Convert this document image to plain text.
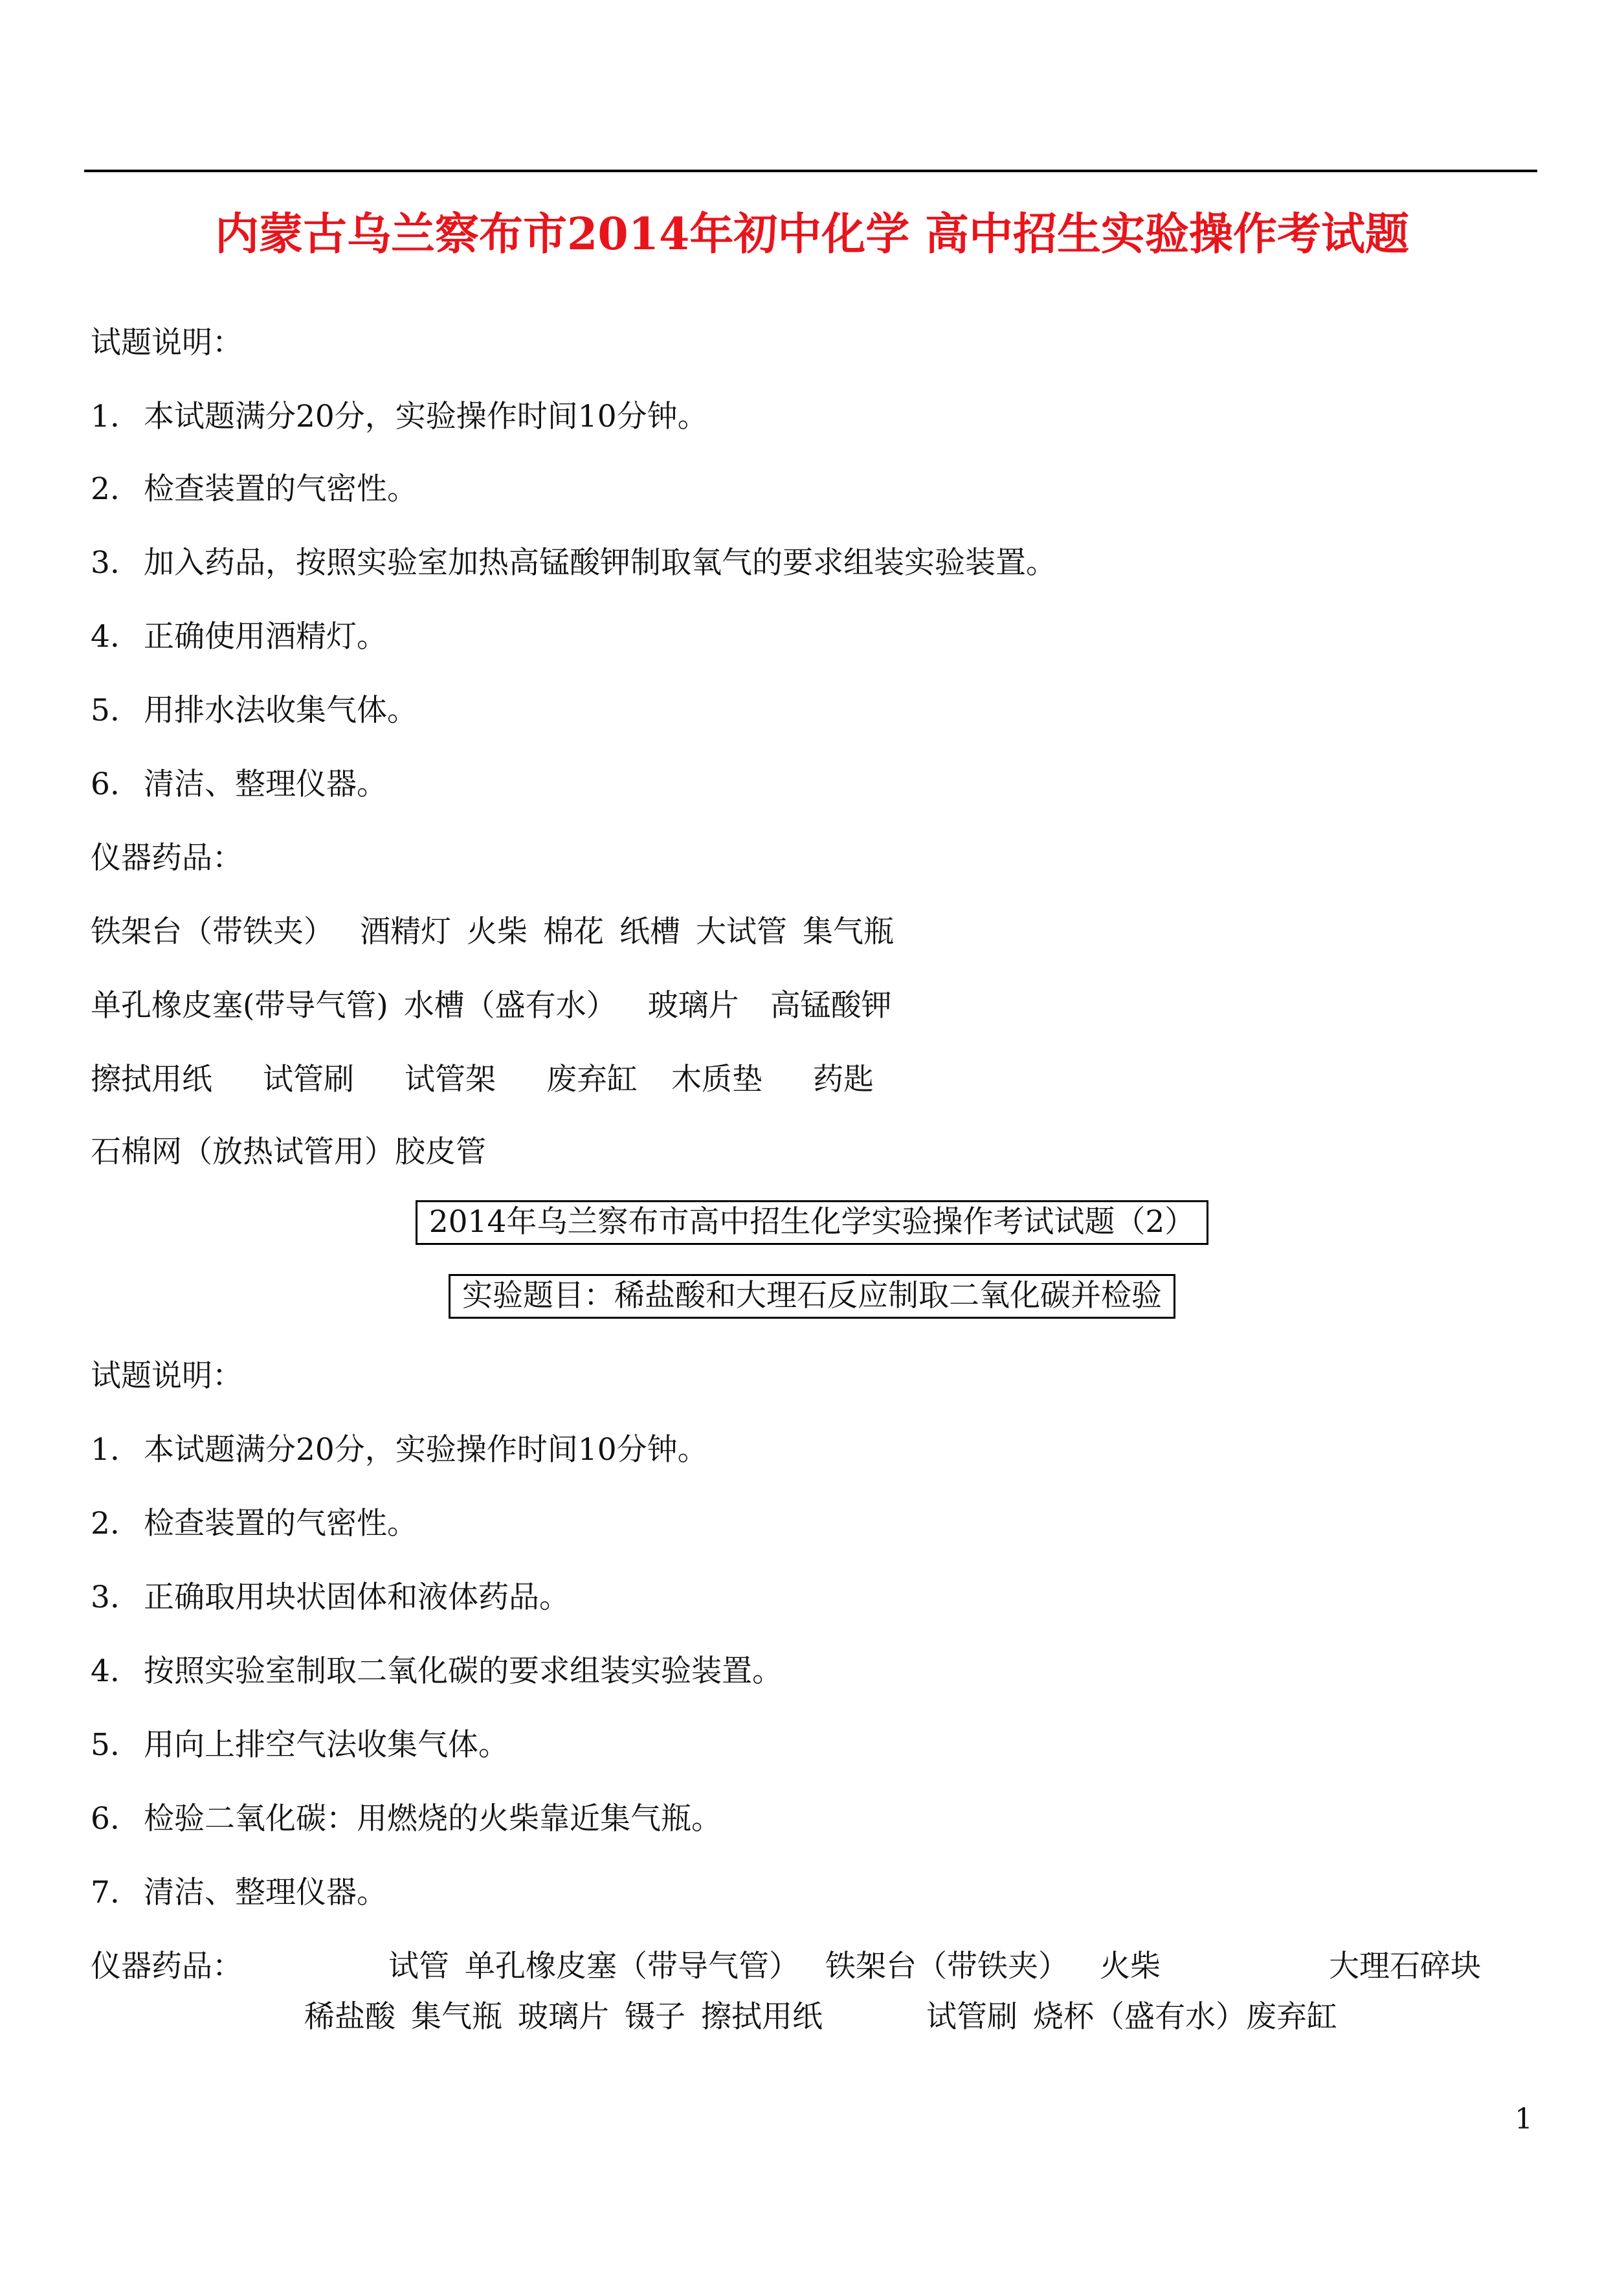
内蒙古乌兰察布市2014年初中化学 高中招生实验操作考试题
试题说明：
1. 本试题满分20分，实验操作时间10分钟。
2. 检查装置的气密性。
3. 加入药品，按照实验室加热高锰酸钾制取氧气的要求组装实验装置。
4. 正确使用酒精灯。
5. 用排水法收集气体。
6. 清洁、整理仪器。
仪器药品：
铁架台（带铁夹） 酒精灯 火柴 棉花 纸槽 大试管 集气瓶
单孔橡皮塞(带导气管) 水槽（盛有水） 玻璃片 高锰酸钾
擦拭用纸 试管刷 试管架 废弃缸 木质垫 药匙
石棉网（放热试管用）胶皮管
2014年乌兰察布市高中招生化学实验操作考试试题（2）
实验题目：稀盐酸和大理石反应制取二氧化碳并检验
试题说明：
1. 本试题满分20分，实验操作时间10分钟。
2. 检查装置的气密性。
3. 正确取用块状固体和液体药品。
4. 按照实验室制取二氧化碳的要求组装实验装置。
5. 用向上排空气法收集气体。
6. 检验二氧化碳：用燃烧的火柴靠近集气瓶。
7. 清洁、整理仪器。
仪器药品：	试管 单孔橡皮塞（带导气管） 铁架台（带铁夹） 火柴	大理石碎块
稀盐酸 集气瓶 玻璃片 镊子 擦拭用纸	试管刷 烧杯（盛有水）废弃缸
1
